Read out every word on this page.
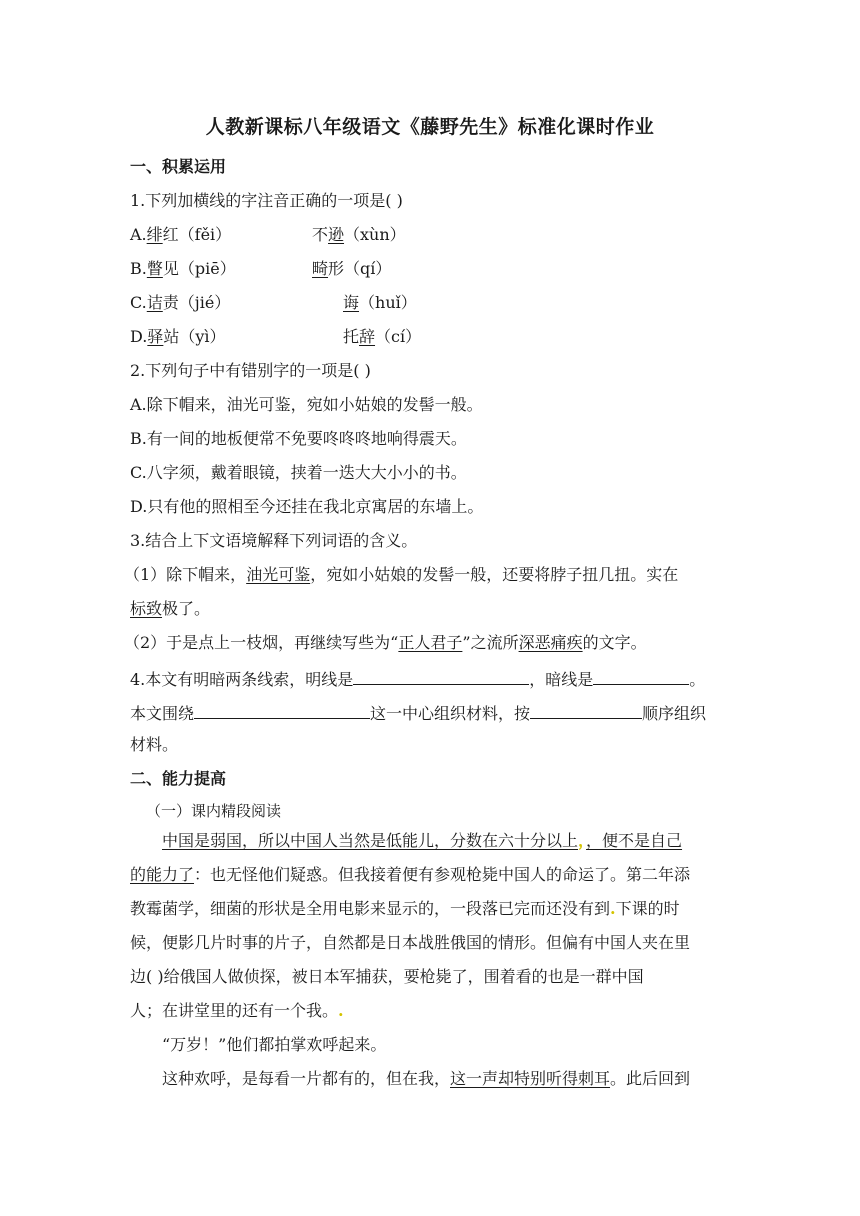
人教新课标八年级语文《藤野先生》标准化课时作业
一、积累运用
1.下列加横线的字注音正确的一项是( )
A.绯红（fěi）	不逊（xùn）
B.瞥见（piē）	畸形（qí）
C.诘责（jié）	诲（huǐ）
D.驿站（yì）	托辞（cí）
2.下列句子中有错别字的一项是( )
A.除下帽来，油光可鉴，宛如小姑娘的发髻一般。
B.有一间的地板便常不免要咚咚咚地响得震天。
C.八字须，戴着眼镜，挟着一迭大大小小的书。
D.只有他的照相至今还挂在我北京寓居的东墙上。
3.结合上下文语境解释下列词语的含义。
（1）除下帽来，油光可鉴，宛如小姑娘的发髻一般，还要将脖子扭几扭。实在
标致极了。
（2）于是点上一枝烟，再继续写些为“正人君子”之流所深恶痛疾的文字。
4.本文有明暗两条线索，明线是	，暗线是	。
本文围绕	这一中心组织材料，按	顺序组织
材料。
二、能力提高
（一）课内精段阅读
中国是弱国，所以中国人当然是低能儿，分数在六十分以上，，便不是自己
的能力了：也无怪他们疑惑。但我接着便有参观枪毙中国人的命运了。第二年添
教霉菌学，细菌的形状是全用电影来显示的，一段落已完而还没有到.下课的时
候，便影几片时事的片子，自然都是日本战胜俄国的情形。但偏有中国人夹在里
边( )给俄国人做侦探，被日本军捕获，要枪毙了，围着看的也是一群中国
人；在讲堂里的还有一个我。.
“万岁！”他们都拍掌欢呼起来。
这种欢呼，是每看一片都有的，但在我，这一声却特别听得刺耳。此后回到
